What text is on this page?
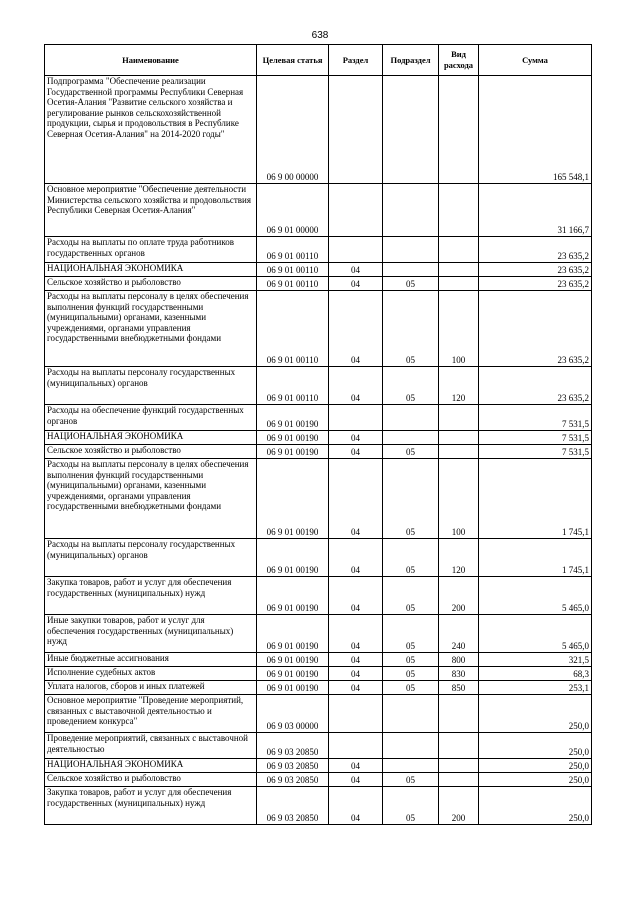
638
Наименование	Целевая статья	Раздел	Подраздел	Вид расхода	Сумма
Подпрограмма "Обеспечение реализации Государственной программы Республики Северная Осетия-Алания "Развитие сельского хозяйства и регулирование рынков сельскохозяйственной продукции, сырья и продовольствия в Республике Северная Осетия-Алания" на 2014-2020 годы"	06 9 00 00000				165 548,1
Основное мероприятие "Обеспечение деятельности Министерства сельского хозяйства и продовольствия Республики Северная Осетия-Алания"	06 9 01 00000				31 166,7
Расходы на выплаты по оплате труда работников государственных органов	06 9 01 00110				23 635,2
НАЦИОНАЛЬНАЯ ЭКОНОМИКА	06 9 01 00110	04			23 635,2
Сельское хозяйство и рыболовство	06 9 01 00110	04	05		23 635,2
Расходы на выплаты персоналу в целях обеспечения выполнения функций государственными (муниципальными) органами, казенными учреждениями, органами управления государственными внебюджетными фондами	06 9 01 00110	04	05	100	23 635,2
Расходы на выплаты персоналу государственных (муниципальных) органов	06 9 01 00110	04	05	120	23 635,2
Расходы на обеспечение функций государственных органов	06 9 01 00190				7 531,5
НАЦИОНАЛЬНАЯ ЭКОНОМИКА	06 9 01 00190	04			7 531,5
Сельское хозяйство и рыболовство	06 9 01 00190	04	05		7 531,5
Расходы на выплаты персоналу в целях обеспечения выполнения функций государственными (муниципальными) органами, казенными учреждениями, органами управления государственными внебюджетными фондами	06 9 01 00190	04	05	100	1 745,1
Расходы на выплаты персоналу государственных (муниципальных) органов	06 9 01 00190	04	05	120	1 745,1
Закупка товаров, работ и услуг для обеспечения государственных (муниципальных) нужд	06 9 01 00190	04	05	200	5 465,0
Иные закупки товаров, работ и услуг для обеспечения государственных (муниципальных) нужд	06 9 01 00190	04	05	240	5 465,0
Иные бюджетные ассигнования	06 9 01 00190	04	05	800	321,5
Исполнение судебных актов	06 9 01 00190	04	05	830	68,3
Уплата налогов, сборов и иных платежей	06 9 01 00190	04	05	850	253,1
Основное мероприятие "Проведение мероприятий, связанных с выставочной деятельностью и проведением конкурса"	06 9 03 00000				250,0
Проведение мероприятий, связанных с выставочной деятельностью	06 9 03 20850				250,0
НАЦИОНАЛЬНАЯ ЭКОНОМИКА	06 9 03 20850	04			250,0
Сельское хозяйство и рыболовство	06 9 03 20850	04	05		250,0
Закупка товаров, работ и услуг для обеспечения государственных (муниципальных) нужд	06 9 03 20850	04	05	200	250,0
